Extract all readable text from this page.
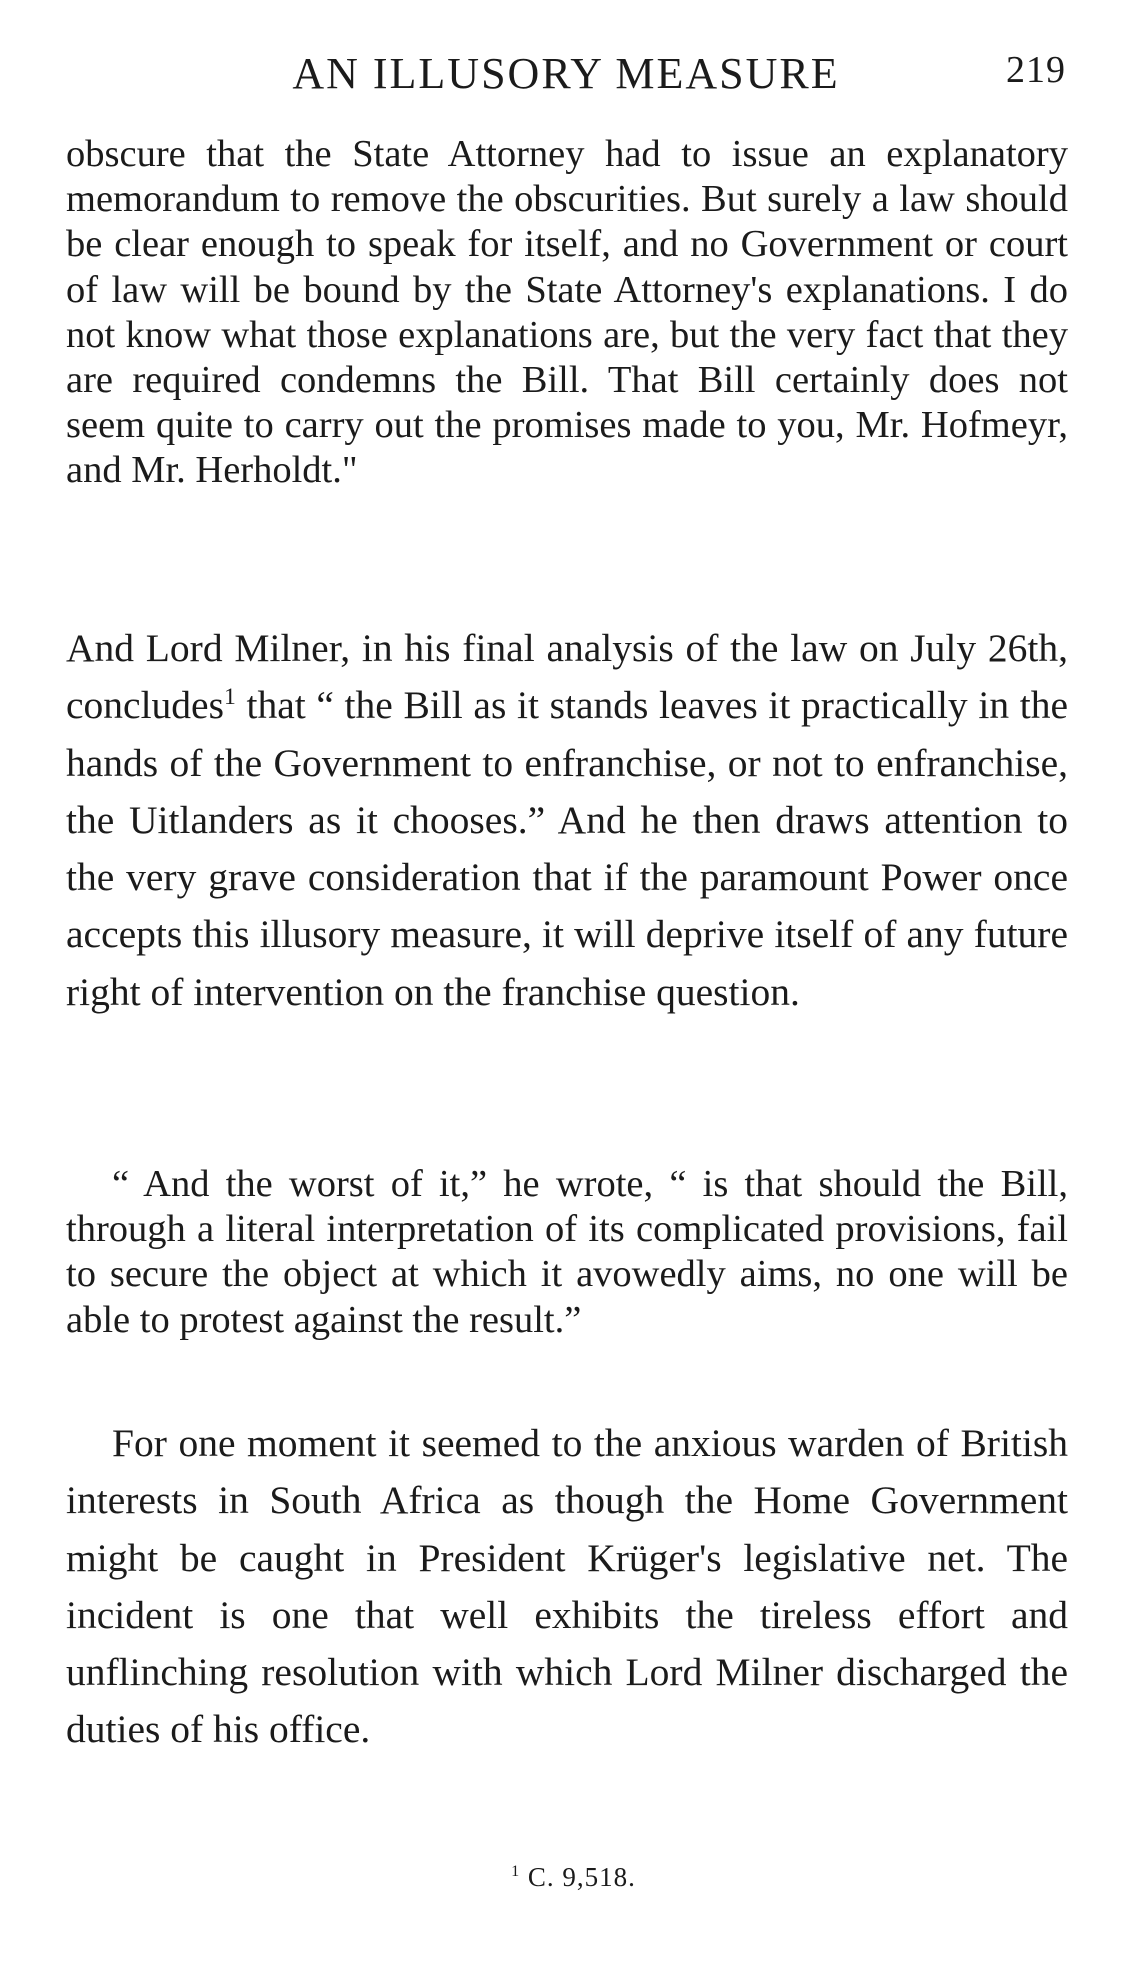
AN ILLUSORY MEASURE	219

obscure that the State Attorney had to issue an explanatory memorandum to remove the obscurities. But surely a law should be clear enough to speak for itself, and no Government or court of law will be bound by the State Attorney's explanations. I do not know what those explanations are, but the very fact that they are required condemns the Bill. That Bill certainly does not seem quite to carry out the promises made to you, Mr. Hofmeyr, and Mr. Herholdt."

And Lord Milner, in his final analysis of the law on July 26th, concludes$^1$ that “ the Bill as it stands leaves it practically in the hands of the Government to enfranchise, or not to enfranchise, the Uitlanders as it chooses.” And he then draws attention to the very grave consideration that if the paramount Power once accepts this illusory measure, it will deprive itself of any future right of intervention on the franchise question.

“ And the worst of it,” he wrote, “ is that should the Bill, through a literal interpretation of its complicated provisions, fail to secure the object at which it avowedly aims, no one will be able to protest against the result.”

For one moment it seemed to the anxious warden of British interests in South Africa as though the Home Government might be caught in President Krüger's legislative net. The incident is one that well exhibits the tireless effort and unflinching resolution with which Lord Milner discharged the duties of his office.

$^1$ C. 9,518.
